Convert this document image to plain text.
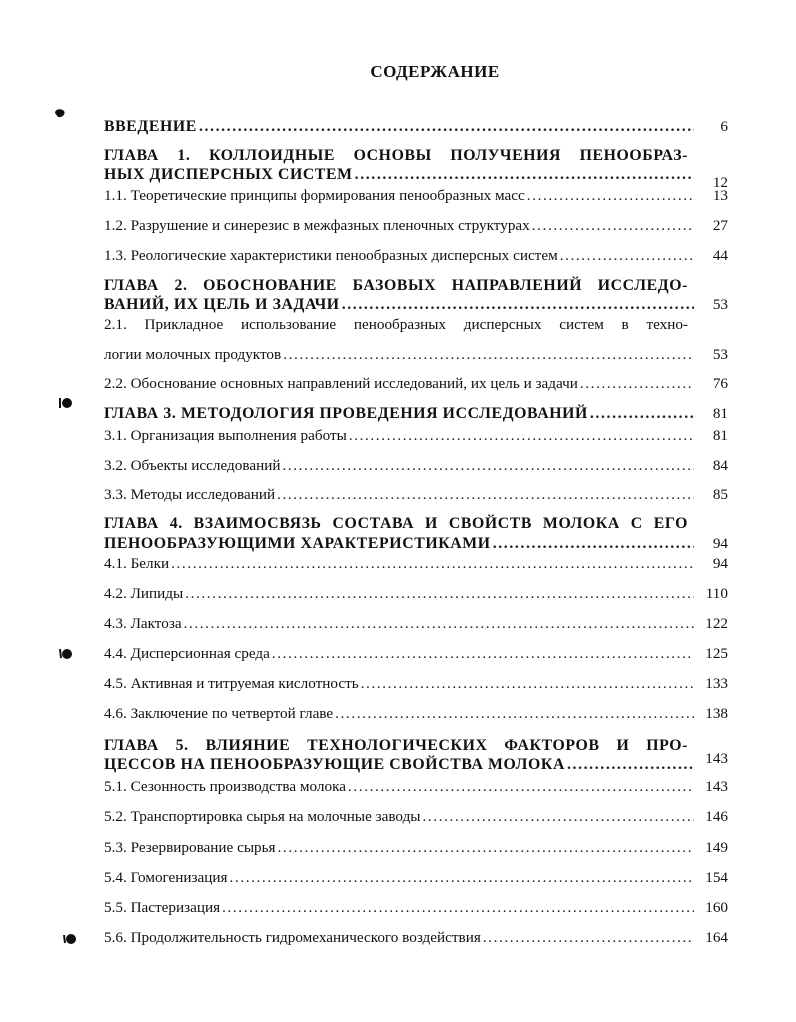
СОДЕРЖАНИЕ
ВВЕДЕНИЕ .....	6
ГЛАВА 1. КОЛЛОИДНЫЕ ОСНОВЫ ПОЛУЧЕНИЯ ПЕНООБРАЗ-
НЫХ ДИСПЕРСНЫХ СИСТЕМ .....	12
1.1. Теоретические принципы формирования пенообразных масс .....	13
1.2. Разрушение и синерезис в межфазных пленочных структурах .....	27
1.3. Реологические характеристики пенообразных дисперсных систем .....	44
ГЛАВА 2. ОБОСНОВАНИЕ БАЗОВЫХ НАПРАВЛЕНИЙ ИССЛЕДО-
ВАНИЙ, ИХ ЦЕЛЬ И ЗАДАЧИ .....	53
2.1. Прикладное использование пенообразных дисперсных систем в техно-
логии молочных продуктов .....	53
2.2. Обоснование основных направлений исследований, их цель и задачи .....	76
ГЛАВА 3. МЕТОДОЛОГИЯ ПРОВЕДЕНИЯ ИССЛЕДОВАНИЙ .....	81
3.1. Организация выполнения работы .....	81
3.2. Объекты исследований .....	84
3.3. Методы исследований .....	85
ГЛАВА 4. ВЗАИМОСВЯЗЬ СОСТАВА И СВОЙСТВ МОЛОКА С ЕГО
ПЕНООБРАЗУЮЩИМИ ХАРАКТЕРИСТИКАМИ .....	94
4.1. Белки .....	94
4.2. Липиды .....	110
4.3. Лактоза .....	122
4.4. Дисперсионная среда .....	125
4.5. Активная и титруемая кислотность .....	133
4.6. Заключение по четвертой главе .....	138
ГЛАВА 5. ВЛИЯНИЕ ТЕХНОЛОГИЧЕСКИХ ФАКТОРОВ И ПРО-
ЦЕССОВ НА ПЕНООБРАЗУЮЩИЕ СВОЙСТВА МОЛОКА .....	143
5.1. Сезонность производства молока .....	143
5.2. Транспортировка сырья на молочные заводы .....	146
5.3. Резервирование сырья .....	149
5.4. Гомогенизация .....	154
5.5. Пастеризация .....	160
5.6. Продолжительность гидромеханического воздействия .....	164
